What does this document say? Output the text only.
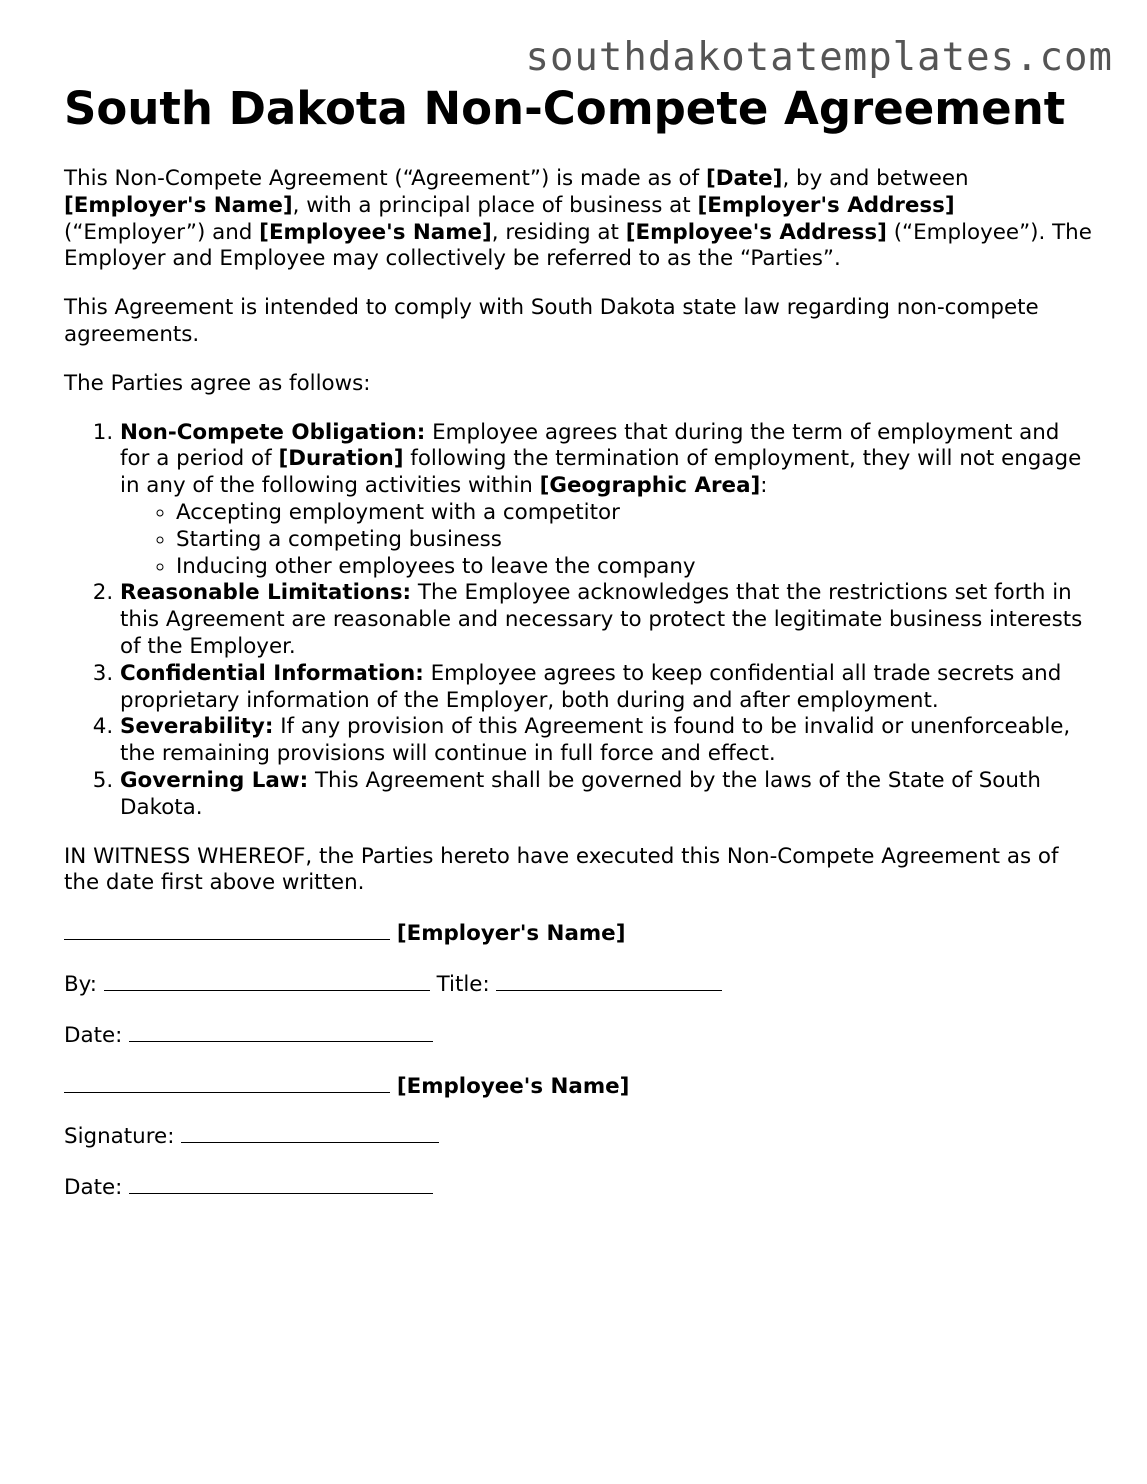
southdakotatemplates.com
South Dakota Non-Compete Agreement

This Non-Compete Agreement (“Agreement”) is made as of [Date], by and between [Employer's Name], with a principal place of business at [Employer's Address] (“Employer”) and [Employee's Name], residing at [Employee's Address] (“Employee”). The Employer and Employee may collectively be referred to as the “Parties”.

This Agreement is intended to comply with South Dakota state law regarding non-compete agreements.

The Parties agree as follows:

1. Non-Compete Obligation: Employee agrees that during the term of employment and for a period of [Duration] following the termination of employment, they will not engage in any of the following activities within [Geographic Area]:
◦ Accepting employment with a competitor
◦ Starting a competing business
◦ Inducing other employees to leave the company
2. Reasonable Limitations: The Employee acknowledges that the restrictions set forth in this Agreement are reasonable and necessary to protect the legitimate business interests of the Employer.
3. Confidential Information: Employee agrees to keep confidential all trade secrets and proprietary information of the Employer, both during and after employment.
4. Severability: If any provision of this Agreement is found to be invalid or unenforceable, the remaining provisions will continue in full force and effect.
5. Governing Law: This Agreement shall be governed by the laws of the State of South Dakota.

IN WITNESS WHEREOF, the Parties hereto have executed this Non-Compete Agreement as of the date first above written.

[Employer's Name]
By:	Title:
Date:
[Employee's Name]
Signature:
Date:
